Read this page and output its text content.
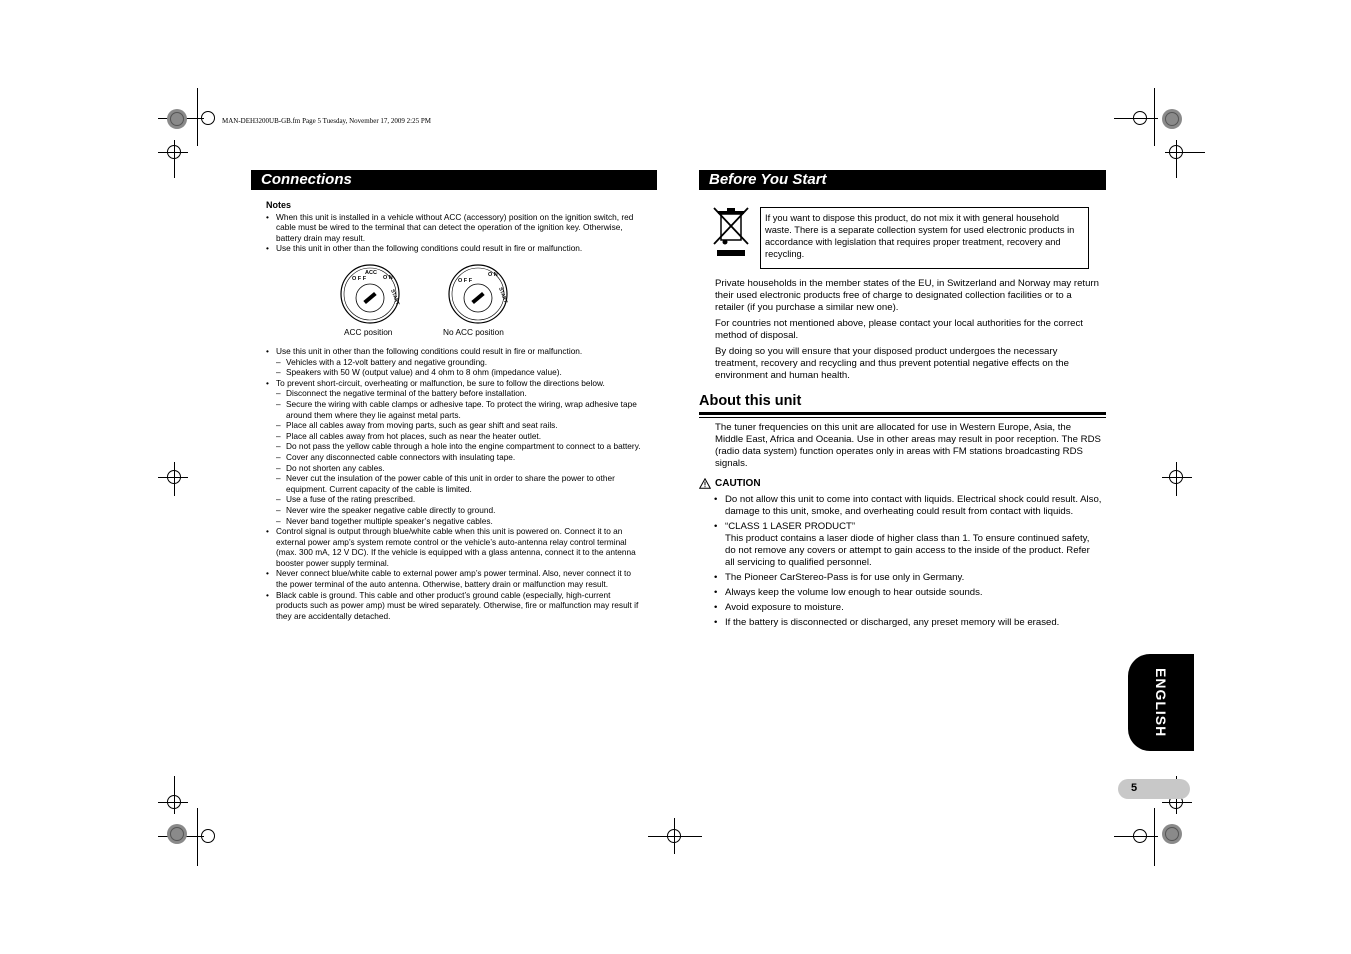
MAN-DEH3200UB-GB.fm Page 5 Tuesday, November 17, 2009 2:25 PM
Connections
Notes
• When this unit is installed in a vehicle without ACC (accessory) position on the ignition switch, red cable must be wired to the terminal that can detect the operation of the ignition key. Otherwise, battery drain may result.
• Use this unit in other than the following conditions could result in fire or malfunction.
O F F
ACC
O N
START
O F F
O N
START
ACC position	No ACC position
• Use this unit in other than the following conditions could result in fire or malfunction.
– Vehicles with a 12-volt battery and negative grounding.
– Speakers with 50 W (output value) and 4 ohm to 8 ohm (impedance value).
• To prevent short-circuit, overheating or malfunction, be sure to follow the directions below.
– Disconnect the negative terminal of the battery before installation.
– Secure the wiring with cable clamps or adhesive tape. To protect the wiring, wrap adhesive tape around them where they lie against metal parts.
– Place all cables away from moving parts, such as gear shift and seat rails.
– Place all cables away from hot places, such as near the heater outlet.
– Do not pass the yellow cable through a hole into the engine compartment to connect to a battery.
– Cover any disconnected cable connectors with insulating tape.
– Do not shorten any cables.
– Never cut the insulation of the power cable of this unit in order to share the power to other equipment. Current capacity of the cable is limited.
– Use a fuse of the rating prescribed.
– Never wire the speaker negative cable directly to ground.
– Never band together multiple speaker’s negative cables.
• Control signal is output through blue/white cable when this unit is powered on. Connect it to an external power amp’s system remote control or the vehicle’s auto-antenna relay control terminal (max. 300 mA, 12 V DC). If the vehicle is equipped with a glass antenna, connect it to the antenna booster power supply terminal.
• Never connect blue/white cable to external power amp’s power terminal. Also, never connect it to the power terminal of the auto antenna. Otherwise, battery drain or malfunction may result.
• Black cable is ground. This cable and other product’s ground cable (especially, high-current products such as power amp) must be wired separately. Otherwise, fire or malfunction may result if they are accidentally detached.
Before You Start
If you want to dispose this product, do not mix it with general household waste. There is a separate collection system for used electronic products in accordance with legislation that requires proper treatment, recovery and recycling.

Private households in the member states of the EU, in Switzerland and Norway may return their used electronic products free of charge to designated collection facilities or to a retailer (if you purchase a similar new one).

For countries not mentioned above, please contact your local authorities for the correct method of disposal.

By doing so you will ensure that your disposed product undergoes the necessary treatment, recovery and recycling and thus prevent potential negative effects on the environment and human health.

About this unit
The tuner frequencies on this unit are allocated for use in Western Europe, Asia, the Middle East, Africa and Oceania. Use in other areas may result in poor reception. The RDS (radio data system) function operates only in areas with FM stations broadcasting RDS signals.
CAUTION
• Do not allow this unit to come into contact with liquids. Electrical shock could result. Also, damage to this unit, smoke, and overheating could result from contact with liquids.
• “CLASS 1 LASER PRODUCT”
This product contains a laser diode of higher class than 1. To ensure continued safety, do not remove any covers or attempt to gain access to the inside of the product. Refer all servicing to qualified personnel.
• The Pioneer CarStereo-Pass is for use only in Germany.
• Always keep the volume low enough to hear outside sounds.
• Avoid exposure to moisture.
• If the battery is disconnected or discharged, any preset memory will be erased.
ENGLISH
5
